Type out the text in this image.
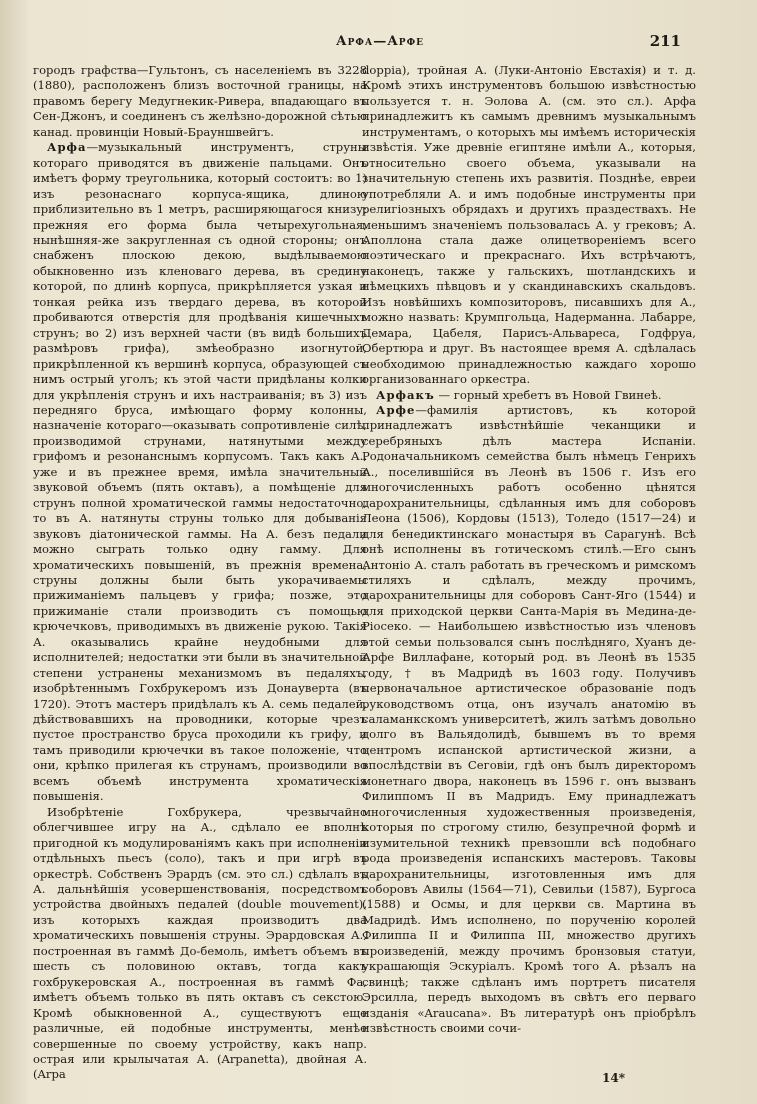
Арфа—Арфе	211

городъ графства—Гультонъ, съ населенiемъ въ 3228 (1880), расположенъ близъ восточной границы, на правомъ берегу Медугнекик-Ривера, впадающаго въ Сен-Джонъ, и соединенъ съ желѣзно-дорожной сѣтью канад. провинцiи Новый-Брауншвейгъ.

Арфа—музыкальный инструментъ, струны котораго приводятся въ движенiе пальцами. Онъ имѣетъ форму треугольника, который состоитъ: во 1) изъ резонаснаго корпуса-ящика, длиною приблизительно въ 1 метръ, расширяющагося книзу; прежняя его форма была четырехугольная, нынѣшняя-же закругленная съ одной стороны; онъ снабженъ плоскою декою, выдѣлываемою обыкновенно изъ кленоваго дерева, въ средину которой, по длинѣ корпуса, прикрѣпляется узкая и тонкая рейка изъ твердаго дерева, въ которой пробиваются отверстiя для продѣванiя кишечныхъ струнъ; во 2) изъ верхней части (въ видѣ большихъ размѣровъ грифа), змѣеобразно изогнутой, прикрѣпленной къ вершинѣ корпуса, образующей съ нимъ острый уголъ; къ этой части придѣланы колки для укрѣпленiя струнъ и ихъ настраиванiя; въ 3) изъ передняго бруса, имѣющаго форму колонны, назначенiе котораго—оказывать сопротивленiе силѣ, производимой струнами, натянутыми между грифомъ и резонанснымъ корпусомъ. Такъ какъ А., уже и въ прежнее время, имѣла значительный звуковой объемъ (пять октавъ), а помѣщенiе для струнъ полной хроматической гаммы недостаточно, то въ А. натянуты струны только для добыванiя звуковъ дiатонической гаммы. На А. безъ педали можно сыграть только одну гамму. Для хроматическихъ повышенiй, въ прежнiя времена, струны должны были быть укорачиваемы прижиманiемъ пальцевъ у грифа; позже, это прижиманiе стали производить съ помощью крючечковъ, приводимыхъ въ движенiе рукою. Такiя А. оказывались крайне неудобными для исполнителей; недостатки эти были въ значительной степени устранены механизмомъ въ педаляхъ, изобрѣтеннымъ Гохбрукеромъ изъ Донауверта (въ 1720). Этотъ мастеръ придѣлалъ къ А. семь педалей, дѣйствовавшихъ на проводники, которые чрезъ пустое пространство бруса проходили къ грифу, и тамъ приводили крючечки въ такое положенiе, что они, крѣпко прилегая къ струнамъ, производили во всемъ объемѣ инструмента хроматическiя повышенiя.

Изобрѣтенiе Гохбрукера, чрезвычайно облегчившее игру на А., сдѣлало ее вполнѣ пригодной къ модулированiямъ какъ при исполненiи отдѣльныхъ пьесъ (соло), такъ и при игрѣ въ оркестрѣ. Собственъ Эрардъ (см. это сл.) сдѣлалъ въ А. дальнѣйшiя усовершенствованiя, посредствомъ устройства двойныхъ педалей (double mouvement), изъ которыхъ каждая производитъ два хроматическихъ повышенiя струны. Эрардовская А., построенная въ гаммѣ До-бемоль, имѣетъ объемъ въ шесть съ половиною октавъ, тогда какъ гохбрукеровская А., построенная въ гаммѣ Фа, имѣетъ объемъ только въ пять октавъ съ секстою. Кромѣ обыкновенной А., существуютъ еще различные, ей подобные инструменты, менѣе совершенные по своему устройству, какъ напр. острая или крылычатая А. (Arpanetta), двойная А. (Arpa

doppia), тройная А. (Луки-Антонiо Евстахiя) и т. д. Кромѣ этихъ инструментовъ большою извѣстностью пользуется т. н. Эолова А. (см. это сл.). Арфа принадлежитъ къ самымъ древнимъ музыкальнымъ инструментамъ, о которыхъ мы имѣемъ историческiя извѣстiя. Уже древнiе египтяне имѣли А., которыя, относительно своего объема, указывали на значительную степень ихъ развитiя. Позднѣе, евреи употребляли А. и имъ подобные инструменты при религiозныхъ обрядахъ и другихъ праздествахъ. Не меньшимъ значенiемъ пользовалась А. у грековъ; А. Аполлона стала даже олицетворенiемъ всего поэтическаго и прекраснаго. Ихъ встрѣчаютъ, наконецъ, также у гальскихъ, шотландскихъ и нѣмецкихъ пѣвцовъ и у скандинавскихъ скальдовъ. Изъ новѣйшихъ композиторовъ, писавшихъ для А., можно назвать: Крумпгольца, Надерманна. Лабарре, Демара, Цабеля, Парисъ-Альвареса, Годфруа, Обертюра и друг. Въ настоящее время А. сдѣлалась необходимою принадлежностью каждаго хорошо организованнаго оркестра.

Арфакъ — горный хребетъ въ Новой Гвинеѣ.

Арфе—фамилiя артистовъ, къ которой принадлежатъ извѣстнѣйшiе чеканщики и серебряныхъ дѣлъ мастера Испанiи. Родоначальникомъ семейства былъ нѣмецъ Генрихъ А., поселившiйся въ Леонѣ въ 1506 г. Изъ его многочисленныхъ работъ особенно цѣнятся дарохранительницы, сдѣланныя имъ для соборовъ Леона (1506), Кордовы (1513), Толедо (1517—24) и для бенедиктинскаго монастыря въ Сарагунѣ. Всѣ онѣ исполнены въ готическомъ стилѣ.—Его сынъ Антонiо А. сталъ работать въ греческомъ и римскомъ стиляхъ и сдѣлалъ, между прочимъ, дарохранительницы для соборовъ Сант-Яго (1544) и для приходской церкви Санта-Марiя въ Медина-де-Рiосеко. — Наибольшею извѣстностью изъ членовъ этой семьи пользовался сынъ послѣдняго, Хуанъ де-Арфе Виллафане, который род. въ Леонѣ въ 1535 году, † въ Мадридѣ въ 1603 году. Получивъ первоначальное артистическое образованiе подъ руководствомъ отца, онъ изучалъ анатомiю въ саламанкскомъ университетѣ, жилъ затѣмъ довольно долго въ Вальядолидѣ, бывшемъ въ то время центромъ испанской артистической жизни, а впослѣдствiи въ Сеговiи, гдѣ онъ былъ директоромъ монетнаго двора, наконецъ въ 1596 г. онъ вызванъ Филиппомъ II въ Мадридъ. Ему принадлежатъ многочисленныя художественныя произведенiя, которыя по строгому стилю, безупречной формѣ и изумительной техникѣ превзошли всѣ подобнаго рода произведенiя испанскихъ мастеровъ. Таковы дарохранительницы, изготовленныя имъ для соборовъ Авилы (1564—71), Севильи (1587), Бургоса (1588) и Осмы, и для церкви св. Мартина въ Мадридѣ. Имъ исполнено, по порученiю королей Филиппа II и Филиппа III, множество другихъ произведенiй, между прочимъ бронзовыя статуи, украшающiя Эскурiалъ. Кромѣ того А. рѣзалъ на свинцѣ; также сдѣланъ имъ портретъ писателя Эрсилла, передъ выходомъ въ свѣтъ его перваго изданiя «Araucana». Въ литературѣ онъ прiобрѣлъ извѣстность своими сочи-

14*
